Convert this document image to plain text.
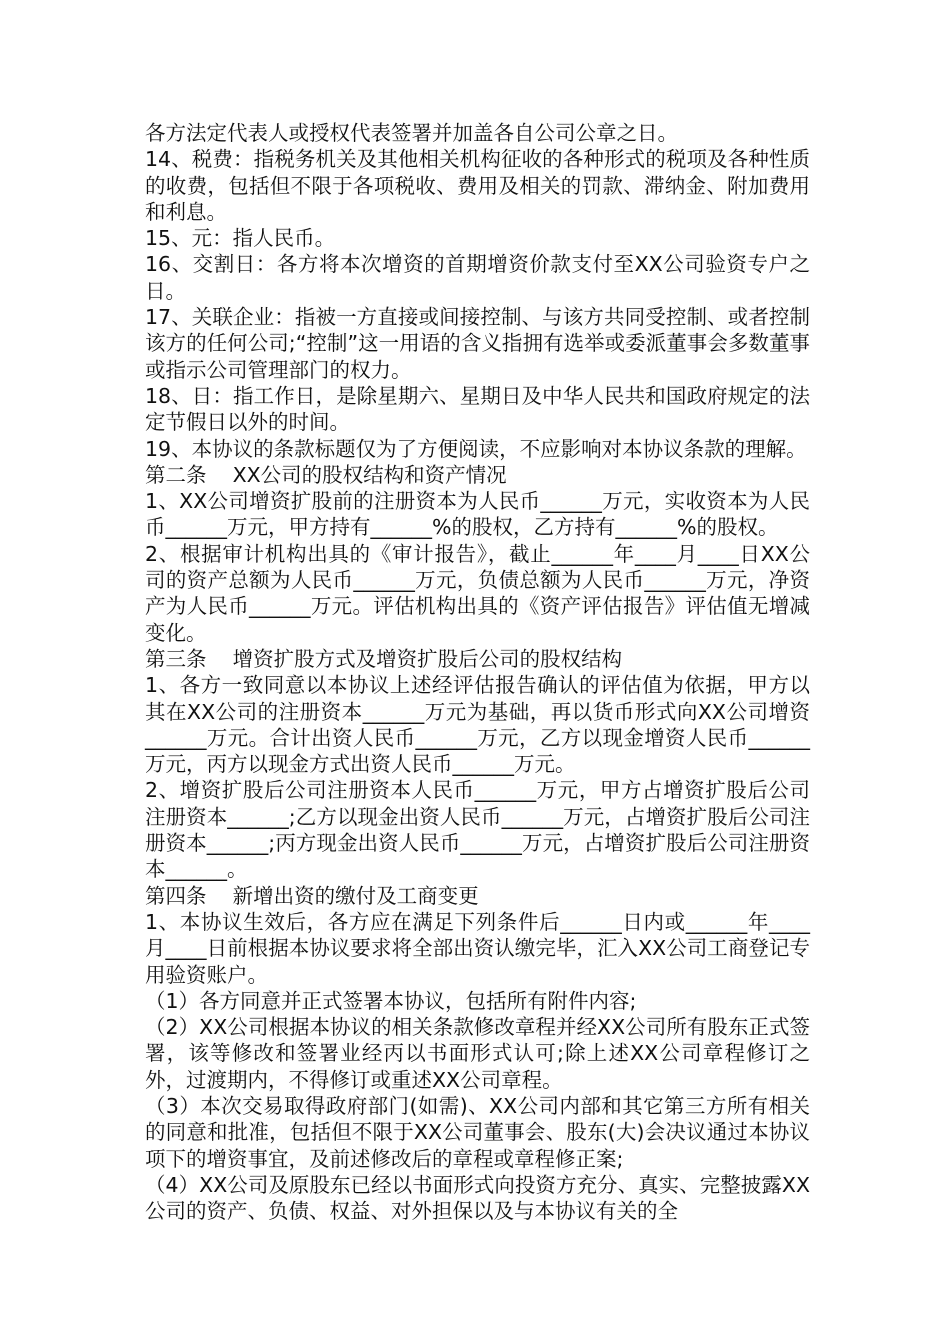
各方法定代表人或授权代表签署并加盖各自公司公章之日。

14、税费：指税务机关及其他相关机构征收的各种形式的税项及各种性质的收费，包括但不限于各项税收、费用及相关的罚款、滞纳金、附加费用和利息。

15、元：指人民币。

16、交割日：各方将本次增资的首期增资价款支付至XX公司验资专户之日。

17、关联企业：指被一方直接或间接控制、与该方共同受控制、或者控制该方的任何公司;“控制”这一用语的含义指拥有选举或委派董事会多数董事或指示公司管理部门的权力。

18、日：指工作日，是除星期六、星期日及中华人民共和国政府规定的法定节假日以外的时间。

19、本协议的条款标题仅为了方便阅读，不应影响对本协议条款的理解。

第二条    XX公司的股权结构和资产情况

1、XX公司增资扩股前的注册资本为人民币______万元，实收资本为人民币______万元，甲方持有______%的股权，乙方持有______%的股权。

2、根据审计机构出具的《审计报告》，截止______年____月____日XX公司的资产总额为人民币______万元，负债总额为人民币______万元，净资产为人民币______万元。评估机构出具的《资产评估报告》评估值无增减变化。

第三条    增资扩股方式及增资扩股后公司的股权结构

1、各方一致同意以本协议上述经评估报告确认的评估值为依据，甲方以其在XX公司的注册资本______万元为基础，再以货币形式向XX公司增资______万元。合计出资人民币______万元，乙方以现金增资人民币______万元，丙方以现金方式出资人民币______万元。

2、增资扩股后公司注册资本人民币______万元，甲方占增资扩股后公司注册资本______;乙方以现金出资人民币______万元，占增资扩股后公司注册资本______;丙方现金出资人民币______万元，占增资扩股后公司注册资本______。

第四条    新增出资的缴付及工商变更

1、本协议生效后，各方应在满足下列条件后______日内或______年____月____日前根据本协议要求将全部出资认缴完毕，汇入XX公司工商登记专用验资账户。

（1）各方同意并正式签署本协议，包括所有附件内容;

（2）XX公司根据本协议的相关条款修改章程并经XX公司所有股东正式签署，该等修改和签署业经丙以书面形式认可;除上述XX公司章程修订之外，过渡期内，不得修订或重述XX公司章程。

（3）本次交易取得政府部门(如需)、XX公司内部和其它第三方所有相关的同意和批准，包括但不限于XX公司董事会、股东(大)会决议通过本协议项下的增资事宜，及前述修改后的章程或章程修正案;

（4）XX公司及原股东已经以书面形式向投资方充分、真实、完整披露XX公司的资产、负债、权益、对外担保以及与本协议有关的全
